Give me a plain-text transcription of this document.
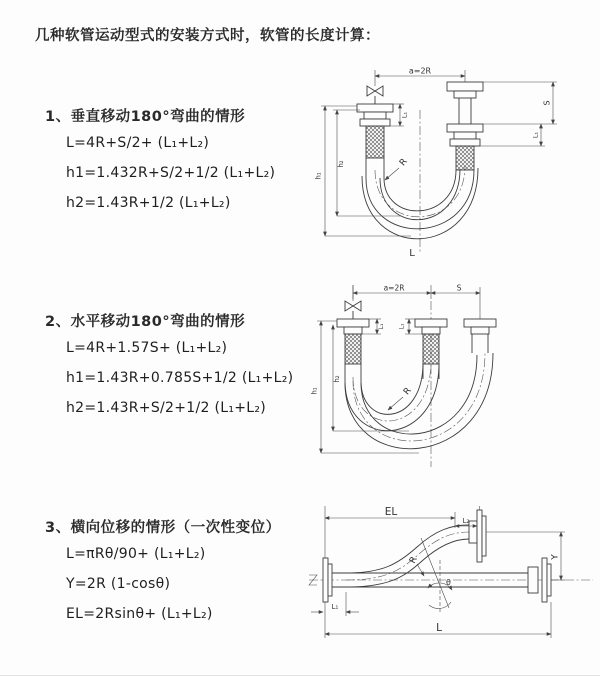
几种软管运动型式的安装方式时，软管的长度计算：
1、垂直移动180°弯曲的情形
L=4R+S/2+ (L₁+L₂)
h1=1.432R+S/2+1/2 (L₁+L₂)
h2=1.43R+1/2 (L₁+L₂)
a=2R
S
L₁
L₁
h₁
h₂	R
L
2、水平移动180°弯曲的情形
L=4R+1.57S+ (L₁+L₂)
h1=1.43R+0.785S+1/2 (L₁+L₂)
h2=1.43R+S/2+1/2 (L₁+L₂)
a=2R	S
L₁ L₁
h₁
h₂
R
3、横向位移的情形（一次性变位）
L=πRθ/90+ (L₁+L₂)
Y=2R (1-cosθ)
EL=2Rsinθ+ (L₁+L₂)
θ
R
EL
L₂
Y
L
L₁
